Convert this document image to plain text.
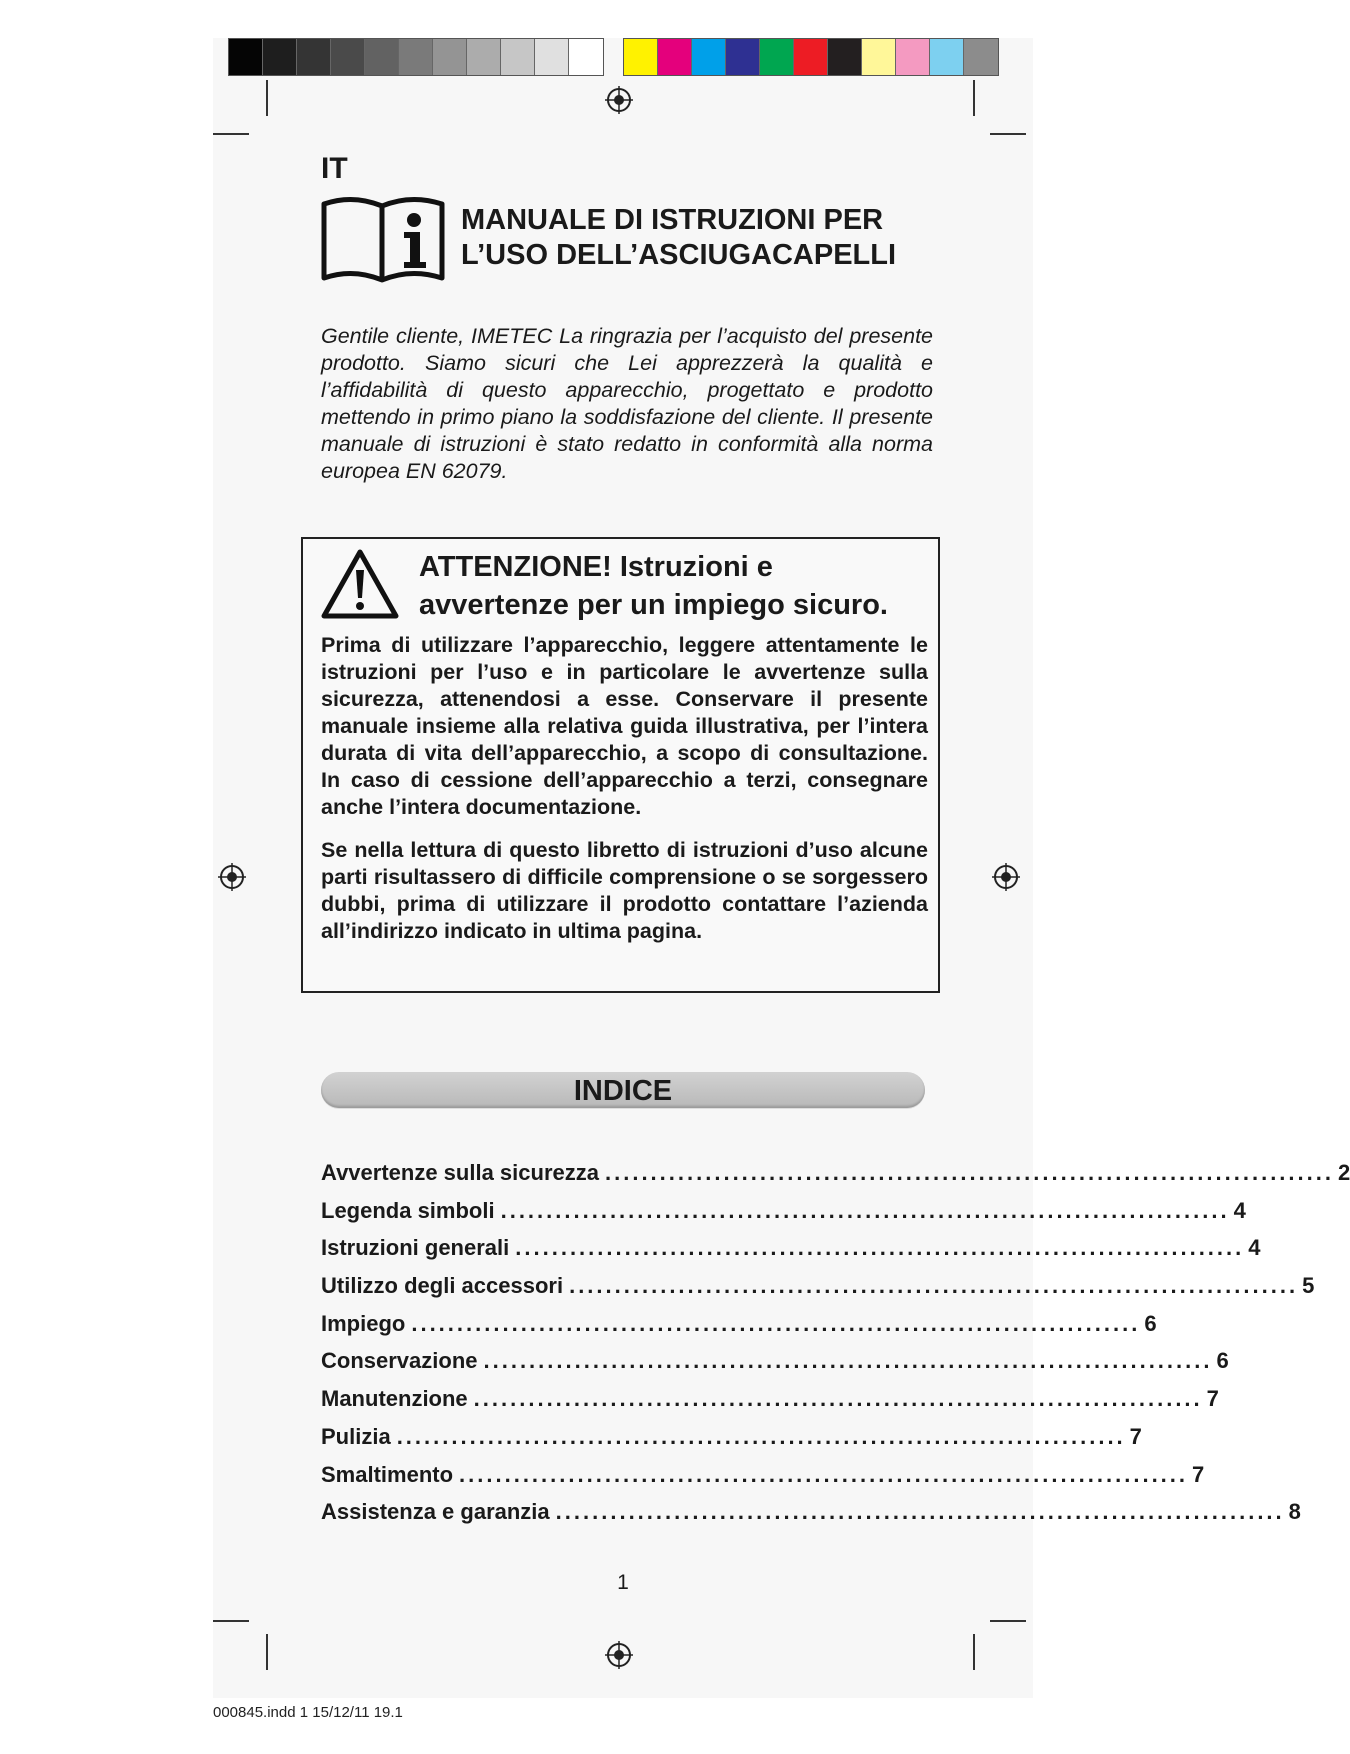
IT
MANUALE DI ISTRUZIONI PER
L’USO DELL’ASCIUGACAPELLI
Gentile cliente, IMETEC La ringrazia per l’acquisto del presente prodotto. Siamo sicuri che Lei apprezzerà la qualità e l’affidabilità di questo apparecchio, progettato e prodotto mettendo in primo piano la soddisfazione del cliente. Il presente manuale di istruzioni è stato redatto in conformità alla norma europea EN 62079.
ATTENZIONE! Istruzioni e
avvertenze per un impiego sicuro.
Prima di utilizzare l’apparecchio, leggere attentamente le istruzioni per l’uso e in particolare le avvertenze sulla sicurezza, attenendosi a esse. Conservare il presente manuale insieme alla relativa guida illustrativa, per l’intera durata di vita dell’apparecchio, a scopo di consultazione. In caso di cessione dell’apparecchio a terzi, consegnare anche l’intera documentazione.
Se nella lettura di questo libretto di istruzioni d’uso alcune parti risultassero di difficile comprensione o se sorgessero dubbi, prima di utilizzare il prodotto contattare l’azienda all’indirizzo indicato in ultima pagina.
INDICE
Avvertenze sulla sicurezza ................................................................................ 2
Legenda simboli ................................................................................ 4
Istruzioni generali ................................................................................ 4
Utilizzo degli accessori ................................................................................ 5
Impiego ................................................................................ 6
Conservazione ................................................................................ 6
Manutenzione ................................................................................ 7
Pulizia ................................................................................ 7
Smaltimento ................................................................................ 7
Assistenza e garanzia ................................................................................ 8
1
000845.indd 1 15/12/11 19.1
